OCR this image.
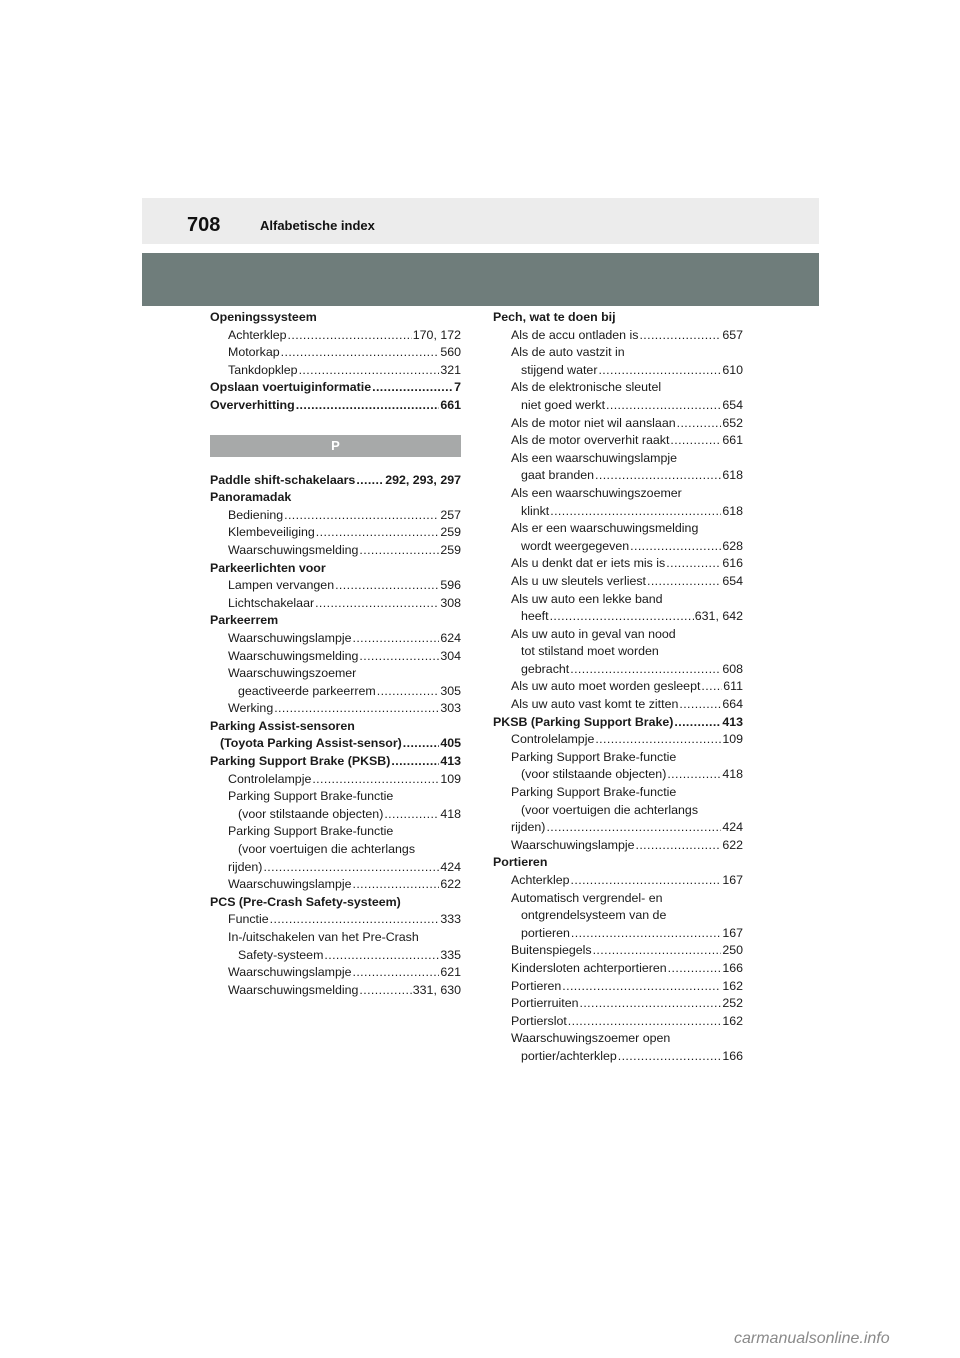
708	Alfabetische index
Openingssysteem
Achterklep .....	170, 172
Motorkap .....	560
Tankdopklep .....	321
Opslaan voertuiginformatie .....	7
Oververhitting .....	661
P
Paddle shift-schakelaars ..... 292, 293, 297
Panoramadak
Bediening .....	257
Klembeveiliging .....	259
Waarschuwingsmelding .....	259
Parkeerlichten voor
Lampen vervangen .....	596
Lichtschakelaar .....	308
Parkeerrem
Waarschuwingslampje .....	624
Waarschuwingsmelding .....	304
Waarschuwingszoemer
geactiveerde parkeerrem .....	305
Werking .....	303
Parking Assist-sensoren
(Toyota Parking Assist-sensor) .....	405
Parking Support Brake (PKSB) .....	413
Controlelampje .....	109
Parking Support Brake-functie
(voor stilstaande objecten) .....	418
Parking Support Brake-functie
(voor voertuigen die achterlangs
rijden) .....	424
Waarschuwingslampje .....	622
PCS (Pre-Crash Safety-systeem)
Functie .....	333
In-/uitschakelen van het Pre-Crash
Safety-systeem .....	335
Waarschuwingslampje .....	621
Waarschuwingsmelding .....	331, 630
Pech, wat te doen bij
Als de accu ontladen is .....	657
Als de auto vastzit in
stijgend water .....	610
Als de elektronische sleutel
niet goed werkt .....	654
Als de motor niet wil aanslaan .....	652
Als de motor oververhit raakt .....	661
Als een waarschuwingslampje
gaat branden .....	618
Als een waarschuwingszoemer
klinkt .....	618
Als er een waarschuwingsmelding
wordt weergegeven .....	628
Als u denkt dat er iets mis is .....	616
Als u uw sleutels verliest .....	654
Als uw auto een lekke band
heeft .....	631, 642
Als uw auto in geval van nood
tot stilstand moet worden
gebracht .....	608
Als uw auto moet worden gesleept ..... 611
Als uw auto vast komt te zitten .....	664
PKSB (Parking Support Brake) .....	413
Controlelampje .....	109
Parking Support Brake-functie
(voor stilstaande objecten) .....	418
Parking Support Brake-functie
(voor voertuigen die achterlangs
rijden) .....	424
Waarschuwingslampje .....	622
Portieren
Achterklep .....	167
Automatisch vergrendel- en
ontgrendelsysteem van de
portieren .....	167
Buitenspiegels .....	250
Kindersloten achterportieren .....	166
Portieren .....	162
Portierruiten .....	252
Portierslot .....	162
Waarschuwingszoemer open
portier/achterklep .....	166
carmanualsonline.info
